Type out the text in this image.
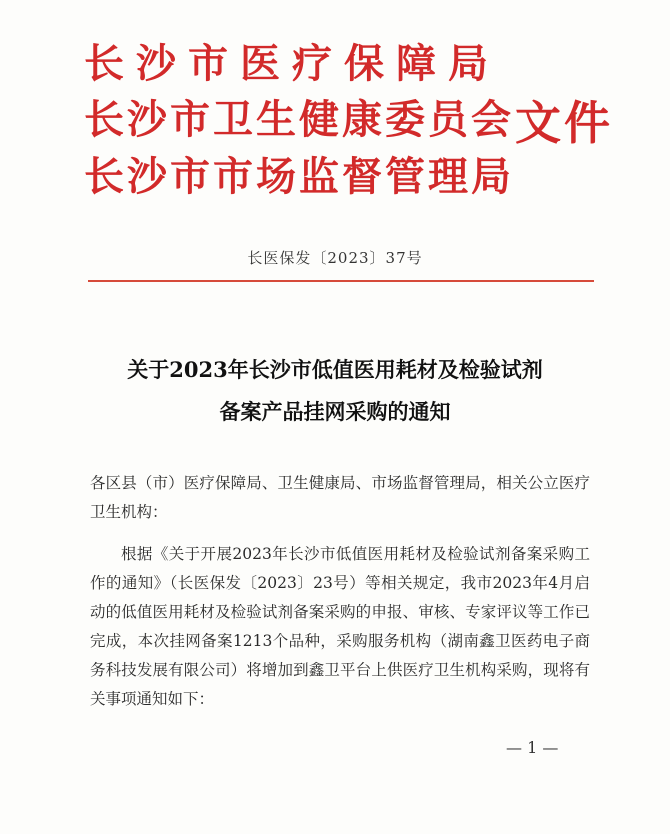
长沙市医疗保障局
长沙市卫生健康委员会
长沙市市场监督管理局
文件
长医保发〔2023〕37号
关于2023年长沙市低值医用耗材及检验试剂
备案产品挂网采购的通知
各区县（市）医疗保障局、卫生健康局、市场监督管理局，相关公立医疗卫生机构：
根据《关于开展2023年长沙市低值医用耗材及检验试剂备案采购工作的通知》（长医保发〔2023〕23号）等相关规定，我市2023年4月启动的低值医用耗材及检验试剂备案采购的申报、审核、专家评议等工作已完成，本次挂网备案1213个品种，采购服务机构（湖南鑫卫医药电子商务科技发展有限公司）将增加到鑫卫平台上供医疗卫生机构采购，现将有关事项通知如下：
— 1 —
